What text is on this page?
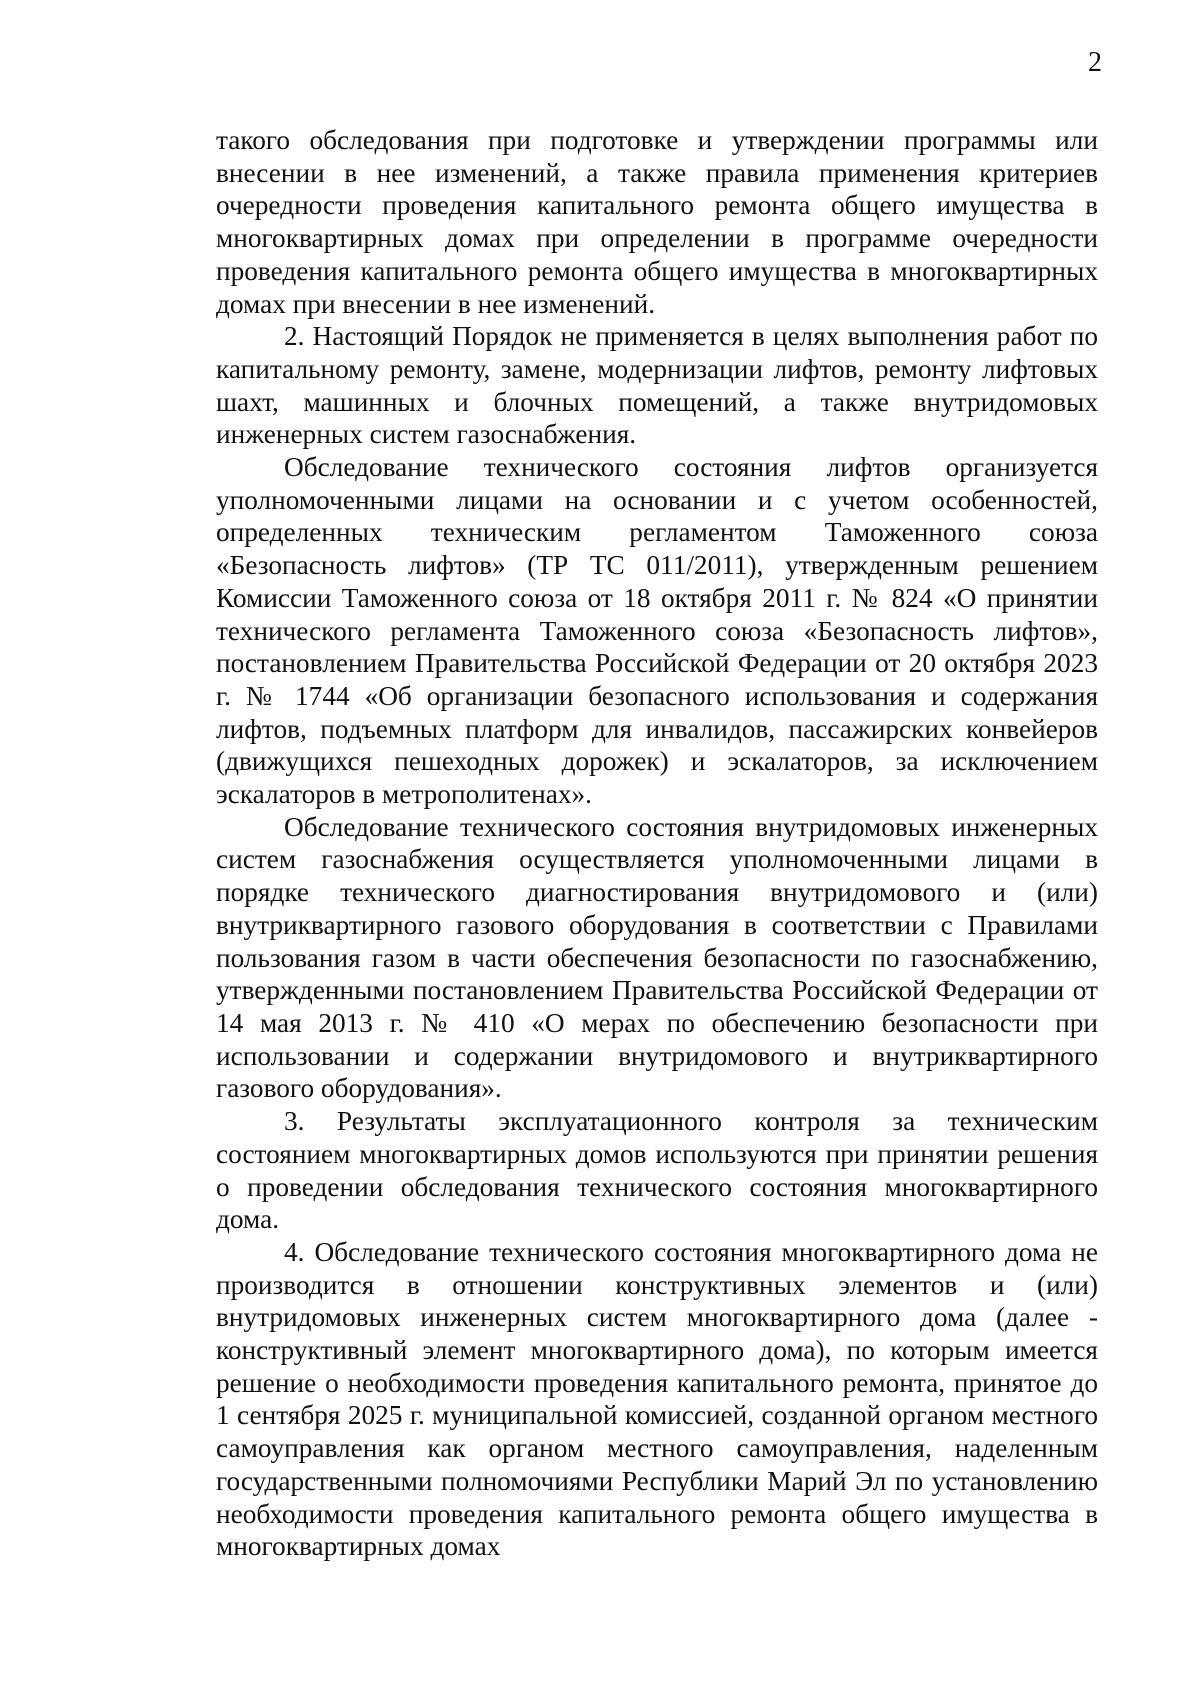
2

такого обследования при подготовке и утверждении программы или внесении в нее изменений, а также правила применения критериев очередности проведения капитального ремонта общего имущества в многоквартирных домах при определении в программе очередности проведения капитального ремонта общего имущества в многоквартирных домах при внесении в нее изменений.

2. Настоящий Порядок не применяется в целях выполнения работ по капитальному ремонту, замене, модернизации лифтов, ремонту лифтовых шахт, машинных и блочных помещений, а также внутридомовых инженерных систем газоснабжения.

Обследование технического состояния лифтов организуется уполномоченными лицами на основании и с учетом особенностей, определенных техническим регламентом Таможенного союза «Безопасность лифтов» (ТР ТС 011/2011), утвержденным решением Комиссии Таможенного союза от 18 октября 2011 г. № 824 «О принятии технического регламента Таможенного союза «Безопасность лифтов», постановлением Правительства Российской Федерации от 20 октября 2023 г. № 1744 «Об организации безопасного использования и содержания лифтов, подъемных платформ для инвалидов, пассажирских конвейеров (движущихся пешеходных дорожек) и эскалаторов, за исключением эскалаторов в метрополитенах».

Обследование технического состояния внутридомовых инженерных систем газоснабжения осуществляется уполномоченными лицами в порядке технического диагностирования внутридомового и (или) внутриквартирного газового оборудования в соответствии с Правилами пользования газом в части обеспечения безопасности по газоснабжению, утвержденными постановлением Правительства Российской Федерации от 14 мая 2013 г. № 410 «О мерах по обеспечению безопасности при использовании и содержании внутридомового и внутриквартирного газового оборудования».

3. Результаты эксплуатационного контроля за техническим состоянием многоквартирных домов используются при принятии решения о проведении обследования технического состояния многоквартирного дома.

4. Обследование технического состояния многоквартирного дома не производится в отношении конструктивных элементов и (или) внутридомовых инженерных систем многоквартирного дома (далее - конструктивный элемент многоквартирного дома), по которым имеется решение о необходимости проведения капитального ремонта, принятое до 1 сентября 2025 г. муниципальной комиссией, созданной органом местного самоуправления как органом местного самоуправления, наделенным государственными полномочиями Республики Марий Эл по установлению необходимости проведения капитального ремонта общего имущества в многоквартирных домах
